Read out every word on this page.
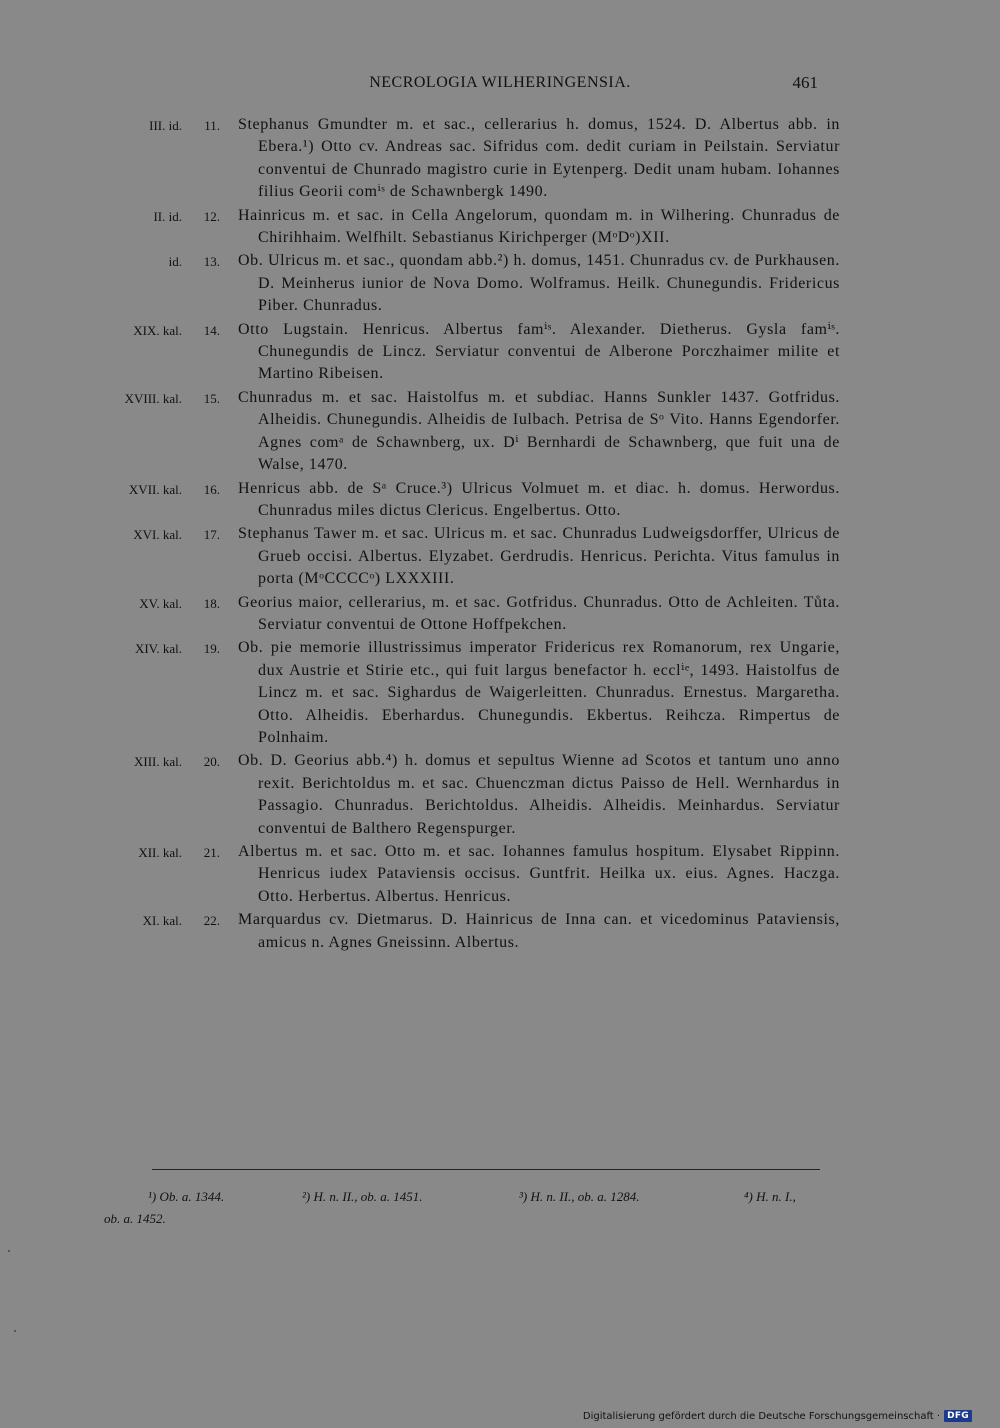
NECROLOGIA WILHERINGENSIA.	461
III. id. 11. Stephanus Gmundter m. et sac., cellerarius h. domus, 1524. D. Albertus abb. in Ebera.¹) Otto cv. Andreas sac. Sifridus com. dedit curiam in Peilstain. Serviatur conventui de Chunrado magistro curie in Eytenperg. Dedit unam hubam. Iohannes filius Georii comⁱˢ de Schawnbergk 1490.
II. id. 12. Hainricus m. et sac. in Cella Angelorum, quondam m. in Wilhering. Chunradus de Chirihhaim. Welfhilt. Sebastianus Kirichperger (MᵒDᵒ)XII.
id. 13. Ob. Ulricus m. et sac., quondam abb.²) h. domus, 1451. Chunradus cv. de Purkhausen. D. Meinherus iunior de Nova Domo. Wolframus. Heilk. Chunegundis. Fridericus Piber. Chunradus.
XIX. kal. 14. Otto Lugstain. Henricus. Albertus famⁱˢ. Alexander. Dietherus. Gysla famⁱˢ. Chunegundis de Lincz. Serviatur conventui de Alberone Porczhaimer milite et Martino Ribeisen.
XVIII. kal. 15. Chunradus m. et sac. Haistolfus m. et subdiac. Hanns Sunkler 1437. Gotfridus. Alheidis. Chunegundis. Alheidis de Iulbach. Petrisa de Sᵒ Vito. Hanns Egendorfer. Agnes comᵃ de Schawnberg, ux. Dⁱ Bernhardi de Schawnberg, que fuit una de Walse, 1470.
XVII. kal. 16. Henricus abb. de Sᵃ Cruce.³) Ulricus Volmuet m. et diac. h. domus. Herwordus. Chunradus miles dictus Clericus. Engelbertus. Otto.
XVI. kal. 17. Stephanus Tawer m. et sac. Ulricus m. et sac. Chunradus Ludweigsdorffer, Ulricus de Grueb occisi. Albertus. Elyzabet. Gerdrudis. Henricus. Perichta. Vitus famulus in porta (MᵒCCCCᵒ) LXXXIII.
XV. kal. 18. Georius maior, cellerarius, m. et sac. Gotfridus. Chunradus. Otto de Achleiten. Tůta. Serviatur conventui de Ottone Hoffpekchen.
XIV. kal. 19. Ob. pie memorie illustrissimus imperator Fridericus rex Romanorum, rex Ungarie, dux Austrie et Stirie etc., qui fuit largus benefactor h. ecclⁱᵉ, 1493. Haistolfus de Lincz m. et sac. Sighardus de Waigerleitten. Chunradus. Ernestus. Margaretha. Otto. Alheidis. Eberhardus. Chunegundis. Ekbertus. Reihcza. Rimpertus de Polnhaim.
XIII. kal. 20. Ob. D. Georius abb.⁴) h. domus et sepultus Wienne ad Scotos et tantum uno anno rexit. Berichtoldus m. et sac. Chuenczman dictus Paisso de Hell. Wernhardus in Passagio. Chunradus. Berichtoldus. Alheidis. Alheidis. Meinhardus. Serviatur conventui de Balthero Regenspurger.
XII. kal. 21. Albertus m. et sac. Otto m. et sac. Iohannes famulus hospitum. Elysabet Rippinn. Henricus iudex Pataviensis occisus. Guntfrit. Heilka ux. eius. Agnes. Haczga. Otto. Herbertus. Albertus. Henricus.
XI. kal. 22. Marquardus cv. Dietmarus. D. Hainricus de Inna can. et vicedominus Pataviensis, amicus n. Agnes Gneissinn. Albertus.
¹) Ob. a. 1344.	²) H. n. II., ob. a. 1451.	³) H. n. II., ob. a. 1284.	⁴) H. n. I.,
ob. a. 1452.
Digitalisierung gefördert durch die Deutsche Forschungsgemeinschaft · DFG
